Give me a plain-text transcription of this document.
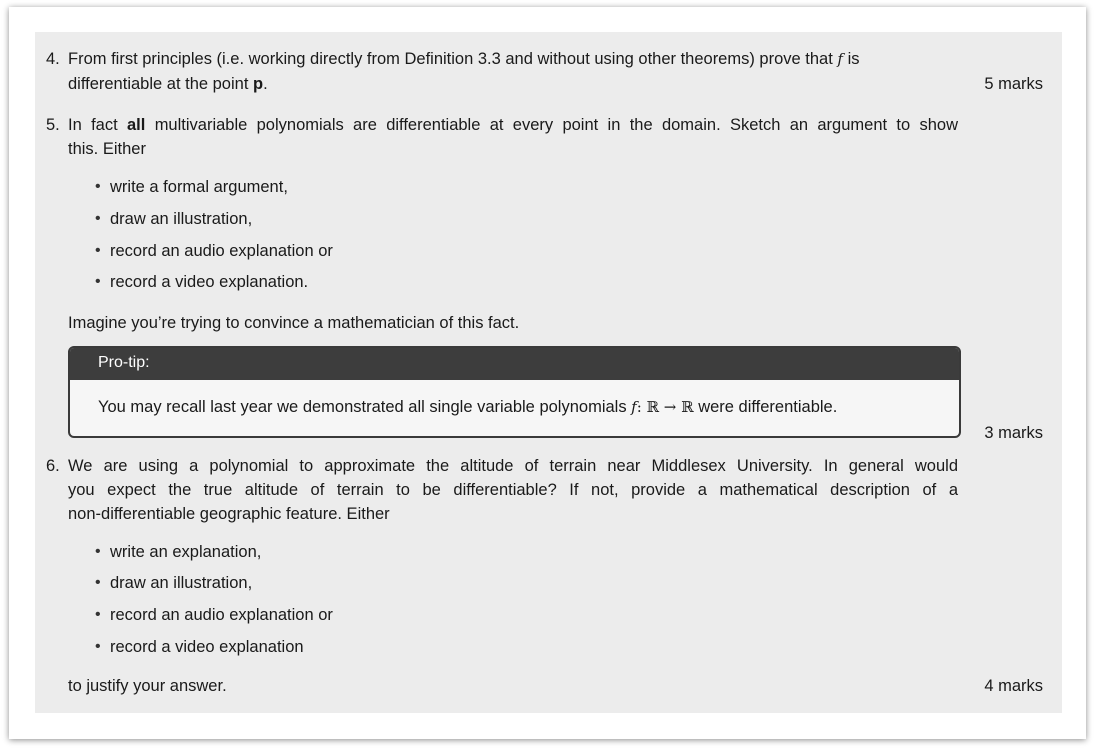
4. From first principles (i.e. working directly from Definition 3.3 and without using other theorems) prove that f is
differentiable at the point p.	5 marks
5. In fact all multivariable polynomials are differentiable at every point in the domain. Sketch an argument to show
this. Either
• write a formal argument,
• draw an illustration,
• record an audio explanation or
• record a video explanation.
Imagine you’re trying to convince a mathematician of this fact.
Pro-tip:
You may recall last year we demonstrated all single variable polynomials f: ℝ → ℝ were differentiable.
3 marks
6. We are using a polynomial to approximate the altitude of terrain near Middlesex University. In general would
you expect the true altitude of terrain to be differentiable? If not, provide a mathematical description of a
non-differentiable geographic feature. Either
• write an explanation,
• draw an illustration,
• record an audio explanation or
• record a video explanation
to justify your answer.	4 marks
